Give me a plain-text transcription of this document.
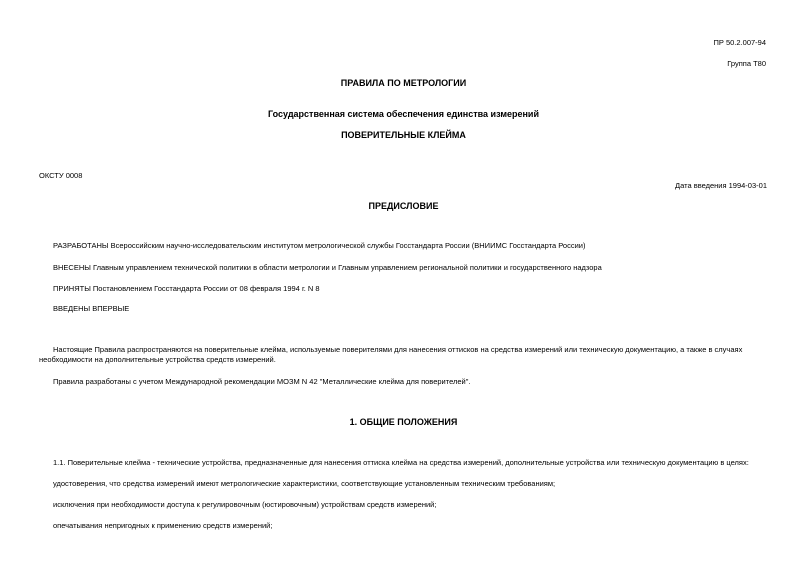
ПР 50.2.007-94
Группа Т80
ПРАВИЛА ПО МЕТРОЛОГИИ
Государственная система обеспечения единства измерений
ПОВЕРИТЕЛЬНЫЕ КЛЕЙМА
ОКСТУ 0008
Дата введения 1994-03-01
ПРЕДИСЛОВИЕ
РАЗРАБОТАНЫ Всероссийским научно-исследовательским институтом метрологической службы Госстандарта России (ВНИИМС Госстандарта России)
ВНЕСЕНЫ Главным управлением технической политики в области метрологии и Главным управлением региональной политики и государственного надзора
ПРИНЯТЫ Постановлением Госстандарта России от 08 февраля 1994 г. N 8
ВВЕДЕНЫ ВПЕРВЫЕ
Настоящие Правила распространяются на поверительные клейма, используемые поверителями для нанесения оттисков на средства измерений или техническую документацию, а также в случаях необходимости на дополнительные устройства средств измерений.
Правила разработаны с учетом Международной рекомендации МОЗМ N 42 "Металлические клейма для поверителей".
1. ОБЩИЕ ПОЛОЖЕНИЯ
1.1. Поверительные клейма - технические устройства, предназначенные для нанесения оттиска клейма на средства измерений, дополнительные устройства или техническую документацию в целях:
удостоверения, что средства измерений имеют метрологические характеристики, соответствующие установленным техническим требованиям;
исключения при необходимости доступа к регулировочным (юстировочным) устройствам средств измерений;
опечатывания непригодных к применению средств измерений;
